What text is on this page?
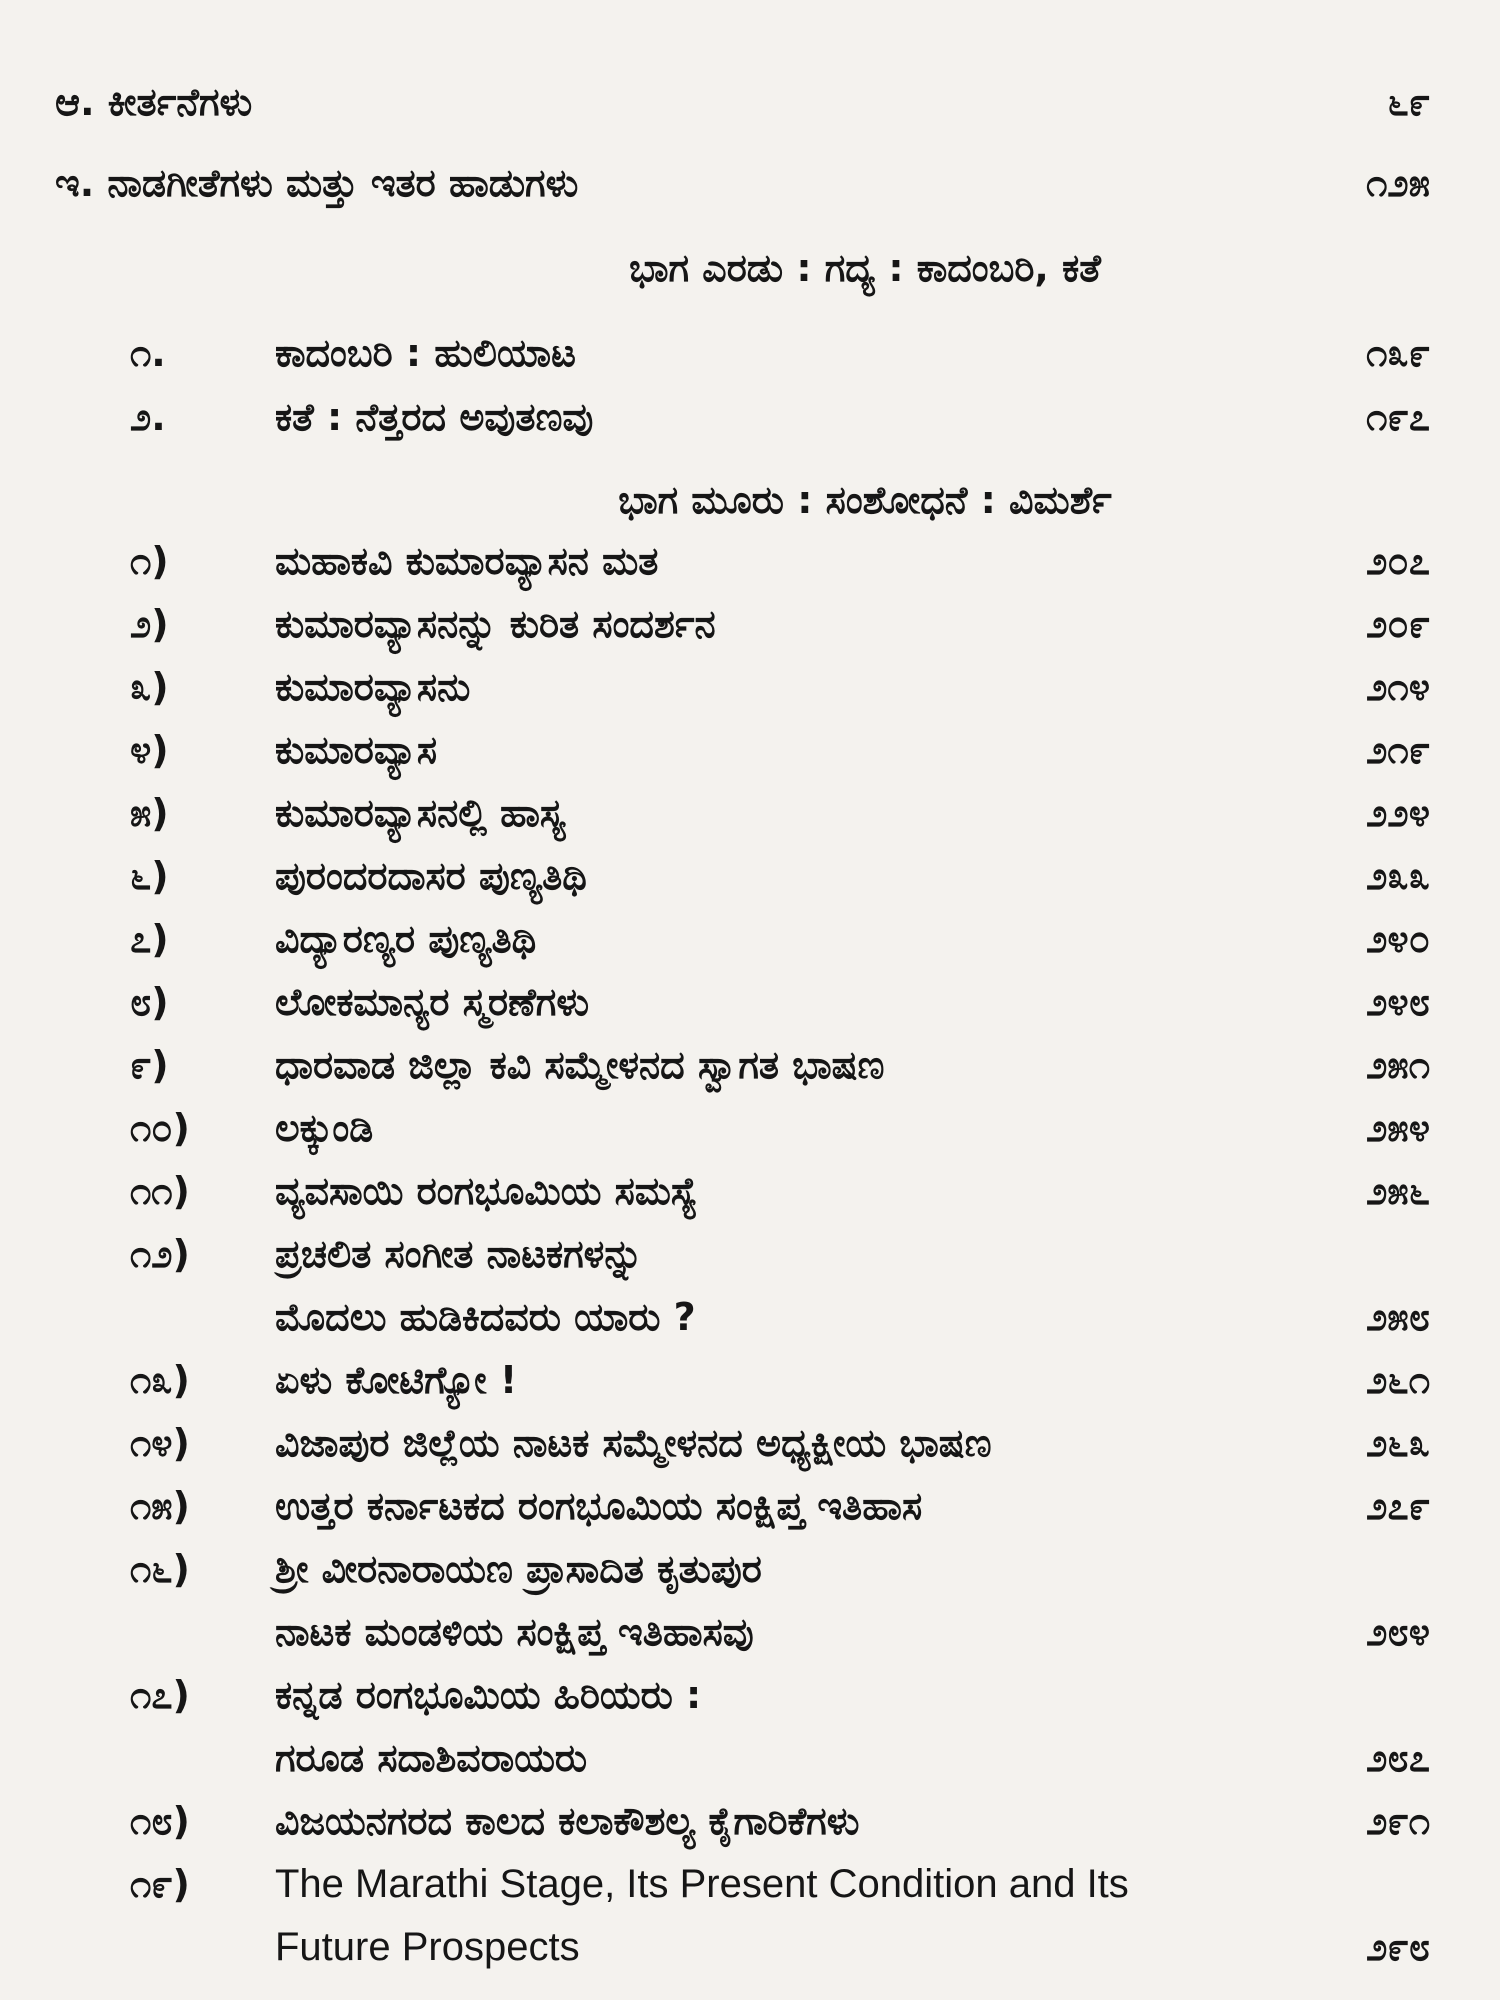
ಆ. ಕೀರ್ತನೆಗಳು	೬೯
ಇ. ನಾಡಗೀತೆಗಳು ಮತ್ತು ಇತರ ಹಾಡುಗಳು	೧೨೫
ಭಾಗ ಎರಡು : ಗದ್ಯ : ಕಾದಂಬರಿ, ಕತೆ
೧.	ಕಾದಂಬರಿ : ಹುಲಿಯಾಟ	೧೩೯
೨.	ಕತೆ : ನೆತ್ತರದ ಅವುತಣವು	೧೯೭
ಭಾಗ ಮೂರು : ಸಂಶೋಧನೆ : ವಿಮರ್ಶೆ
೧)	ಮಹಾಕವಿ ಕುಮಾರವ್ಯಾಸನ ಮತ	೨೦೭
೨)	ಕುಮಾರವ್ಯಾಸನನ್ನು ಕುರಿತ ಸಂದರ್ಶನ	೨೦೯
೩)	ಕುಮಾರವ್ಯಾಸನು	೨೧೪
೪)	ಕುಮಾರವ್ಯಾಸ	೨೧೯
೫)	ಕುಮಾರವ್ಯಾಸನಲ್ಲಿ ಹಾಸ್ಯ	೨೨೪
೬)	ಪುರಂದರದಾಸರ ಪುಣ್ಯತಿಥಿ	೨೩೩
೭)	ವಿದ್ಯಾರಣ್ಯರ ಪುಣ್ಯತಿಥಿ	೨೪೦
೮)	ಲೋಕಮಾನ್ಯರ ಸ್ಮರಣೆಗಳು	೨೪೮
೯)	ಧಾರವಾಡ ಜಿಲ್ಲಾ ಕವಿ ಸಮ್ಮೇಳನದ ಸ್ವಾಗತ ಭಾಷಣ	೨೫೧
೧೦) ಲಕ್ಕುಂಡಿ	೨೫೪
೧೧) ವ್ಯವಸಾಯಿ ರಂಗಭೂಮಿಯ ಸಮಸ್ಯೆ	೨೫೬
೧೨) ಪ್ರಚಲಿತ ಸಂಗೀತ ನಾಟಕಗಳನ್ನು
ಮೊದಲು ಹುಡಿಕಿದವರು ಯಾರು ?	೨೫೮
೧೩) ಏಳು ಕೋಟಿಗ್ಯೋ !	೨೬೧
೧೪) ವಿಜಾಪುರ ಜಿಲ್ಲೆಯ ನಾಟಕ ಸಮ್ಮೇಳನದ ಅಧ್ಯಕ್ಷೀಯ ಭಾಷಣ	೨೬೩
೧೫) ಉತ್ತರ ಕರ್ನಾಟಕದ ರಂಗಭೂಮಿಯ ಸಂಕ್ಷಿಪ್ತ ಇತಿಹಾಸ	೨೭೯
೧೬) ಶ್ರೀ ವೀರನಾರಾಯಣ ಪ್ರಾಸಾದಿತ ಕೃತುಪುರ
ನಾಟಕ ಮಂಡಳಿಯ ಸಂಕ್ಷಿಪ್ತ ಇತಿಹಾಸವು	೨೮೪
೧೭) ಕನ್ನಡ ರಂಗಭೂಮಿಯ ಹಿರಿಯರು :
ಗರೂಡ ಸದಾಶಿವರಾಯರು	೨೮೭
೧೮) ವಿಜಯನಗರದ ಕಾಲದ ಕಲಾಕೌಶಲ್ಯ ಕೈಗಾರಿಕೆಗಳು	೨೯೧
೧೯) The Marathi Stage, Its Present Condition and Its
Future Prospects	೨೯೮
